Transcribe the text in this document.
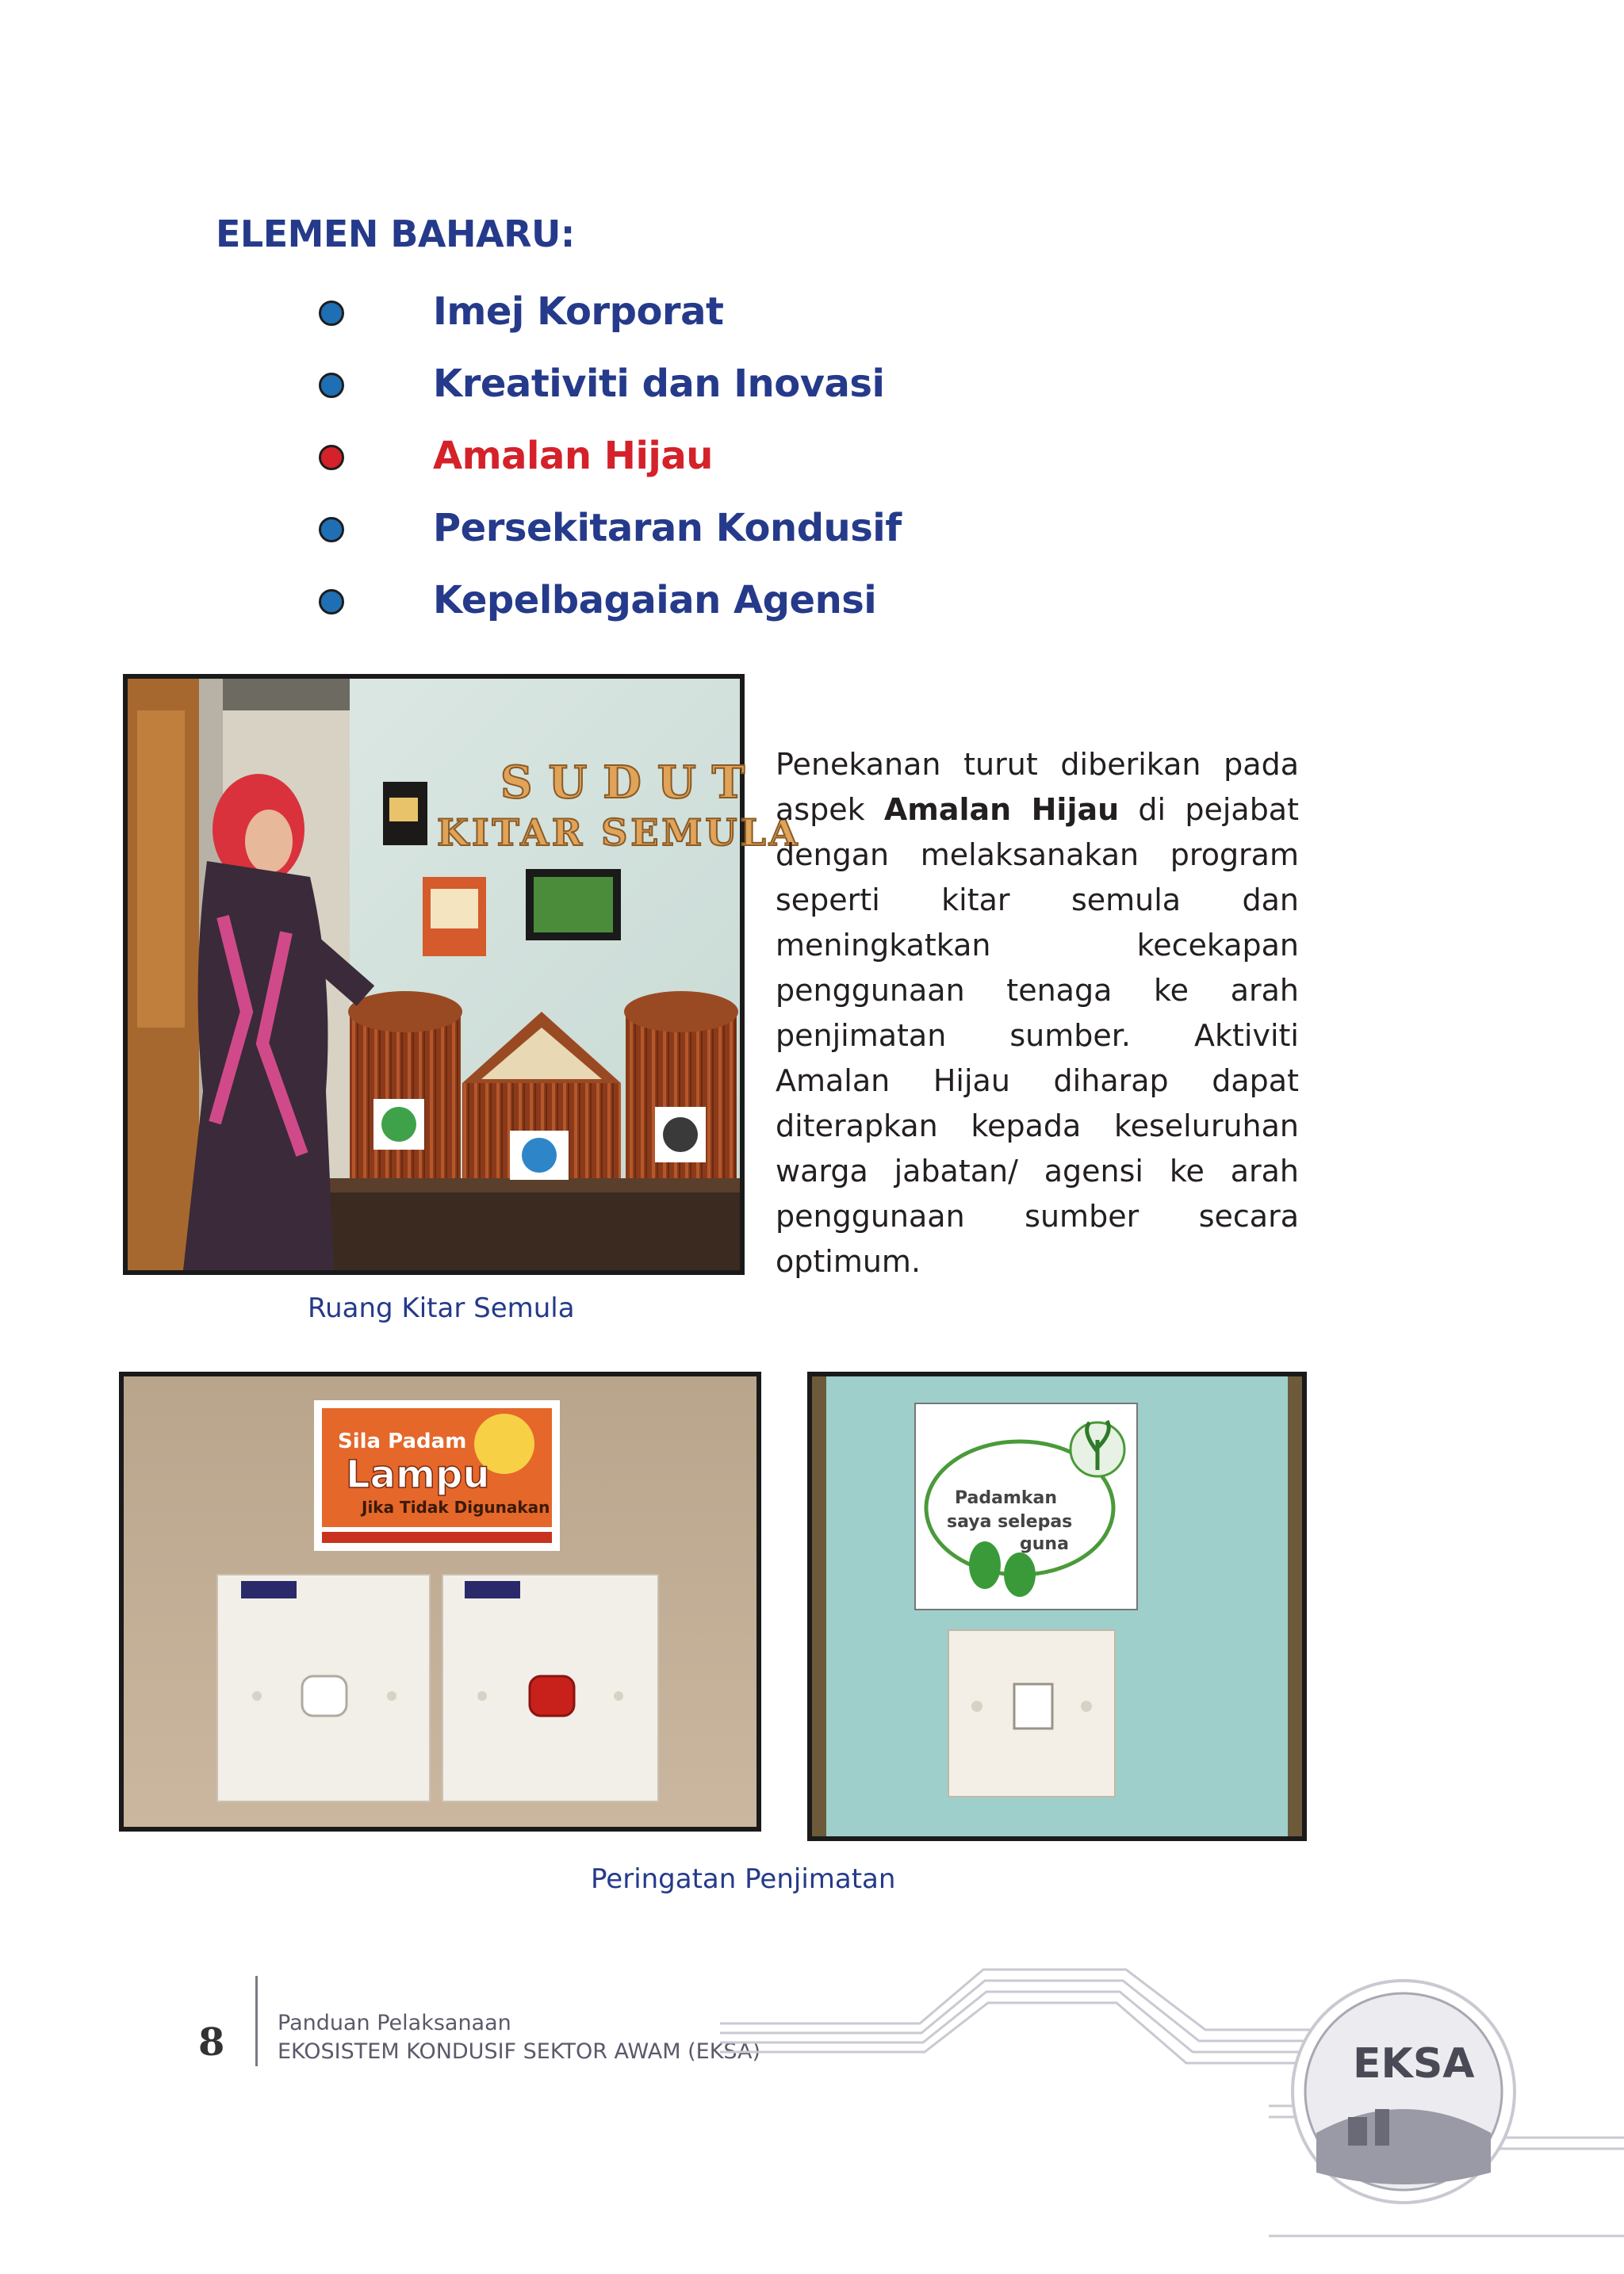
ELEMEN BAHARU:
Imej Korporat
Kreativiti dan Inovasi
Amalan Hijau
Persekitaran Kondusif
Kepelbagaian Agensi
SUDUT
KITAR SEMULA
Penekanan turut diberikan pada aspek Amalan Hijau di pejabat dengan melaksanakan program seperti kitar semula dan meningkatkan kecekapan penggunaan tenaga ke arah penjimatan sumber. Aktiviti Amalan Hijau diharap dapat diterapkan kepada keseluruhan warga jabatan/ agensi ke arah penggunaan sumber secara optimum.
Ruang Kitar Semula
Sila Padam
Lampu
Jika Tidak Digunakan	Padamkan
saya selepas
guna
Peringatan Penjimatan
8 Panduan Pelaksanaan
EKOSISTEM KONDUSIF SEKTOR AWAM (EKSA)	EKSA
